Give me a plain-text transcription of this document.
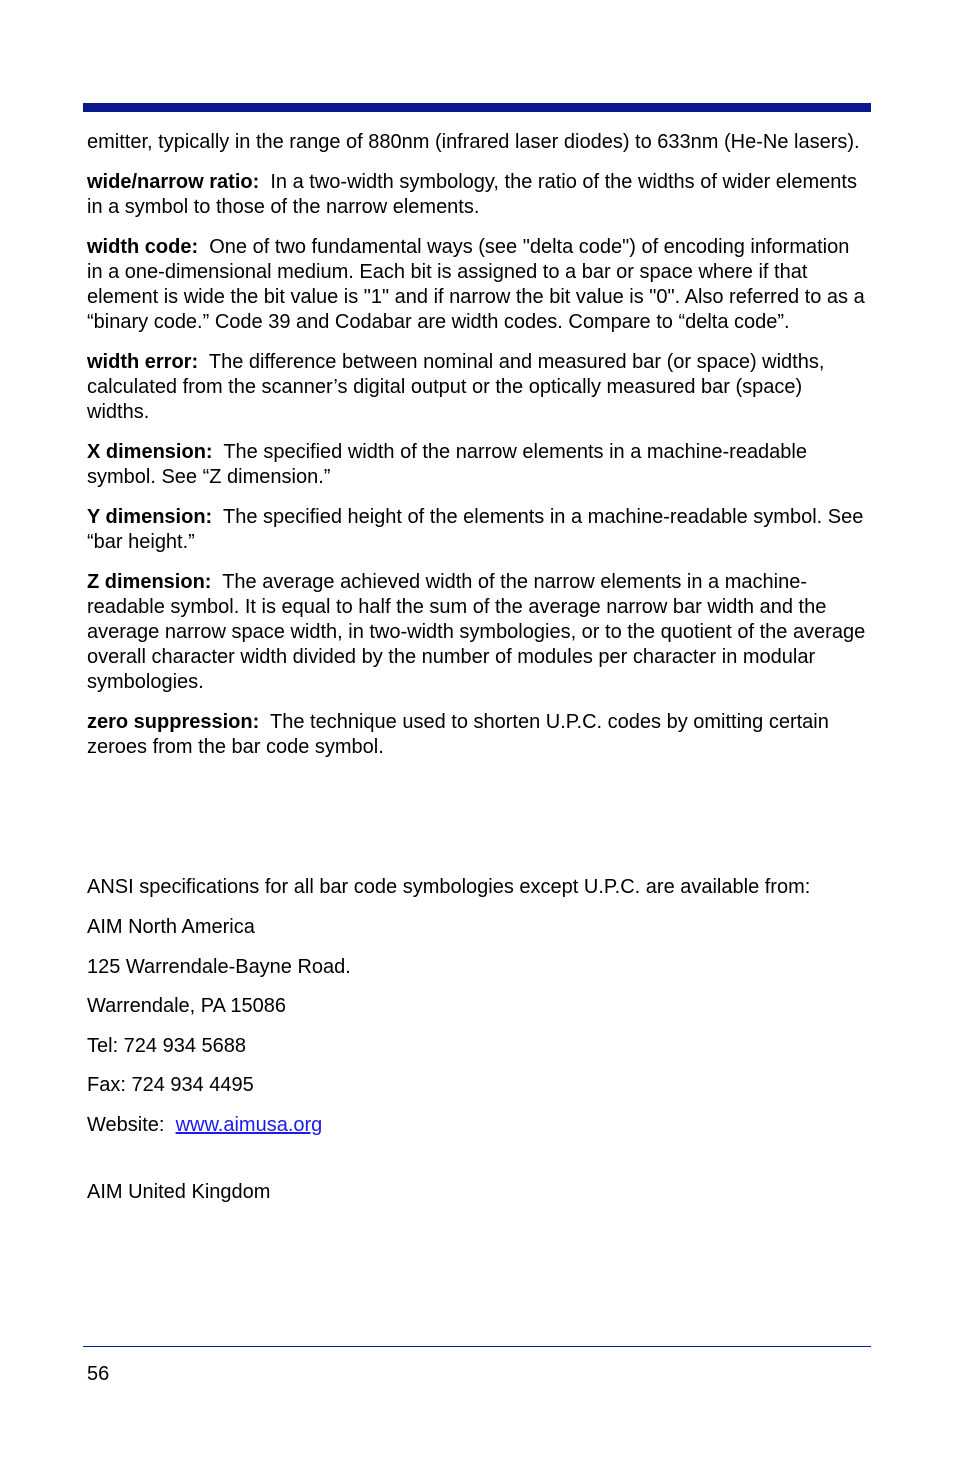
emitter, typically in the range of 880nm (infrared laser diodes) to 633nm (He-Ne lasers).

wide/narrow ratio: In a two-width symbology, the ratio of the widths of wider elements in a symbol to those of the narrow elements.

width code: One of two fundamental ways (see "delta code") of encoding information in a one-dimensional medium. Each bit is assigned to a bar or space where if that element is wide the bit value is "1" and if narrow the bit value is "0". Also referred to as a “binary code.” Code 39 and Codabar are width codes. Compare to “delta code”.

width error: The difference between nominal and measured bar (or space) widths, calculated from the scanner’s digital output or the optically measured bar (space) widths.

X dimension: The specified width of the narrow elements in a machine-readable symbol. See “Z dimension.”

Y dimension: The specified height of the elements in a machine-readable symbol. See “bar height.”

Z dimension: The average achieved width of the narrow elements in a machine-readable symbol. It is equal to half the sum of the average narrow bar width and the average narrow space width, in two-width symbologies, or to the quotient of the average overall character width divided by the number of modules per character in modular symbologies.

zero suppression: The technique used to shorten U.P.C. codes by omitting certain zeroes from the bar code symbol.

ANSI specifications for all bar code symbologies except U.P.C. are available from:

AIM North America

125 Warrendale-Bayne Road.

Warrendale, PA 15086

Tel: 724 934 5688

Fax: 724 934 4495

Website: www.aimusa.org

AIM United Kingdom

56
